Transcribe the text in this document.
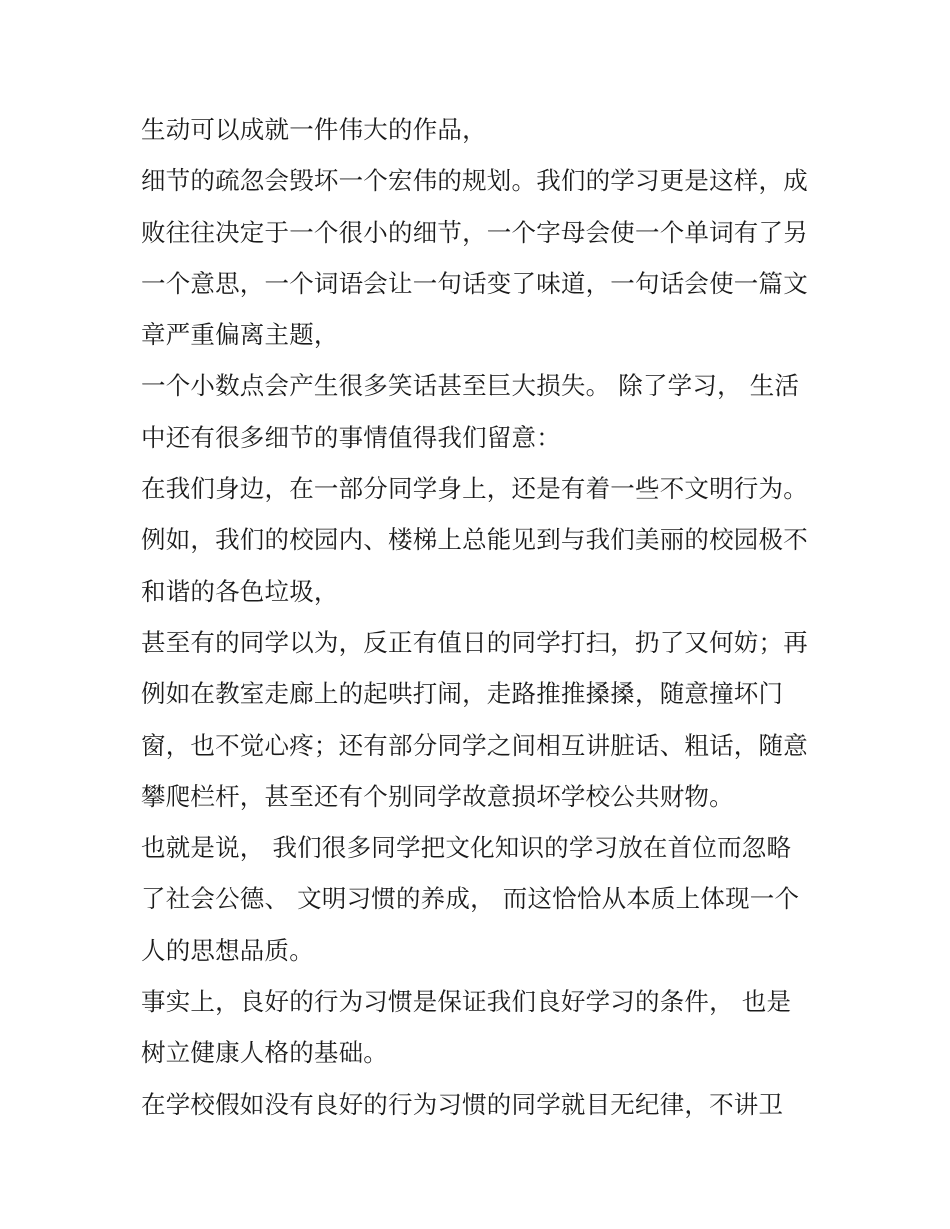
生动可以成就一件伟大的作品，
细节的疏忽会毁坏一个宏伟的规划。我们的学习更是这样，成
败往往决定于一个很小的细节，一个字母会使一个单词有了另
一个意思，一个词语会让一句话变了味道，一句话会使一篇文
章严重偏离主题，
一个小数点会产生很多笑话甚至巨大损失。 除了学习， 生活
中还有很多细节的事情值得我们留意：
在我们身边，在一部分同学身上，还是有着一些不文明行为。
例如，我们的校园内、楼梯上总能见到与我们美丽的校园极不
和谐的各色垃圾，
甚至有的同学以为，反正有值日的同学打扫，扔了又何妨；再
例如在教室走廊上的起哄打闹，走路推推搡搡，随意撞坏门
窗，也不觉心疼；还有部分同学之间相互讲脏话、粗话，随意
攀爬栏杆，甚至还有个别同学故意损坏学校公共财物。
也就是说， 我们很多同学把文化知识的学习放在首位而忽略
了社会公德、 文明习惯的养成， 而这恰恰从本质上体现一个
人的思想品质。
事实上，良好的行为习惯是保证我们良好学习的条件， 也是
树立健康人格的基础。
在学校假如没有良好的行为习惯的同学就目无纪律，不讲卫
